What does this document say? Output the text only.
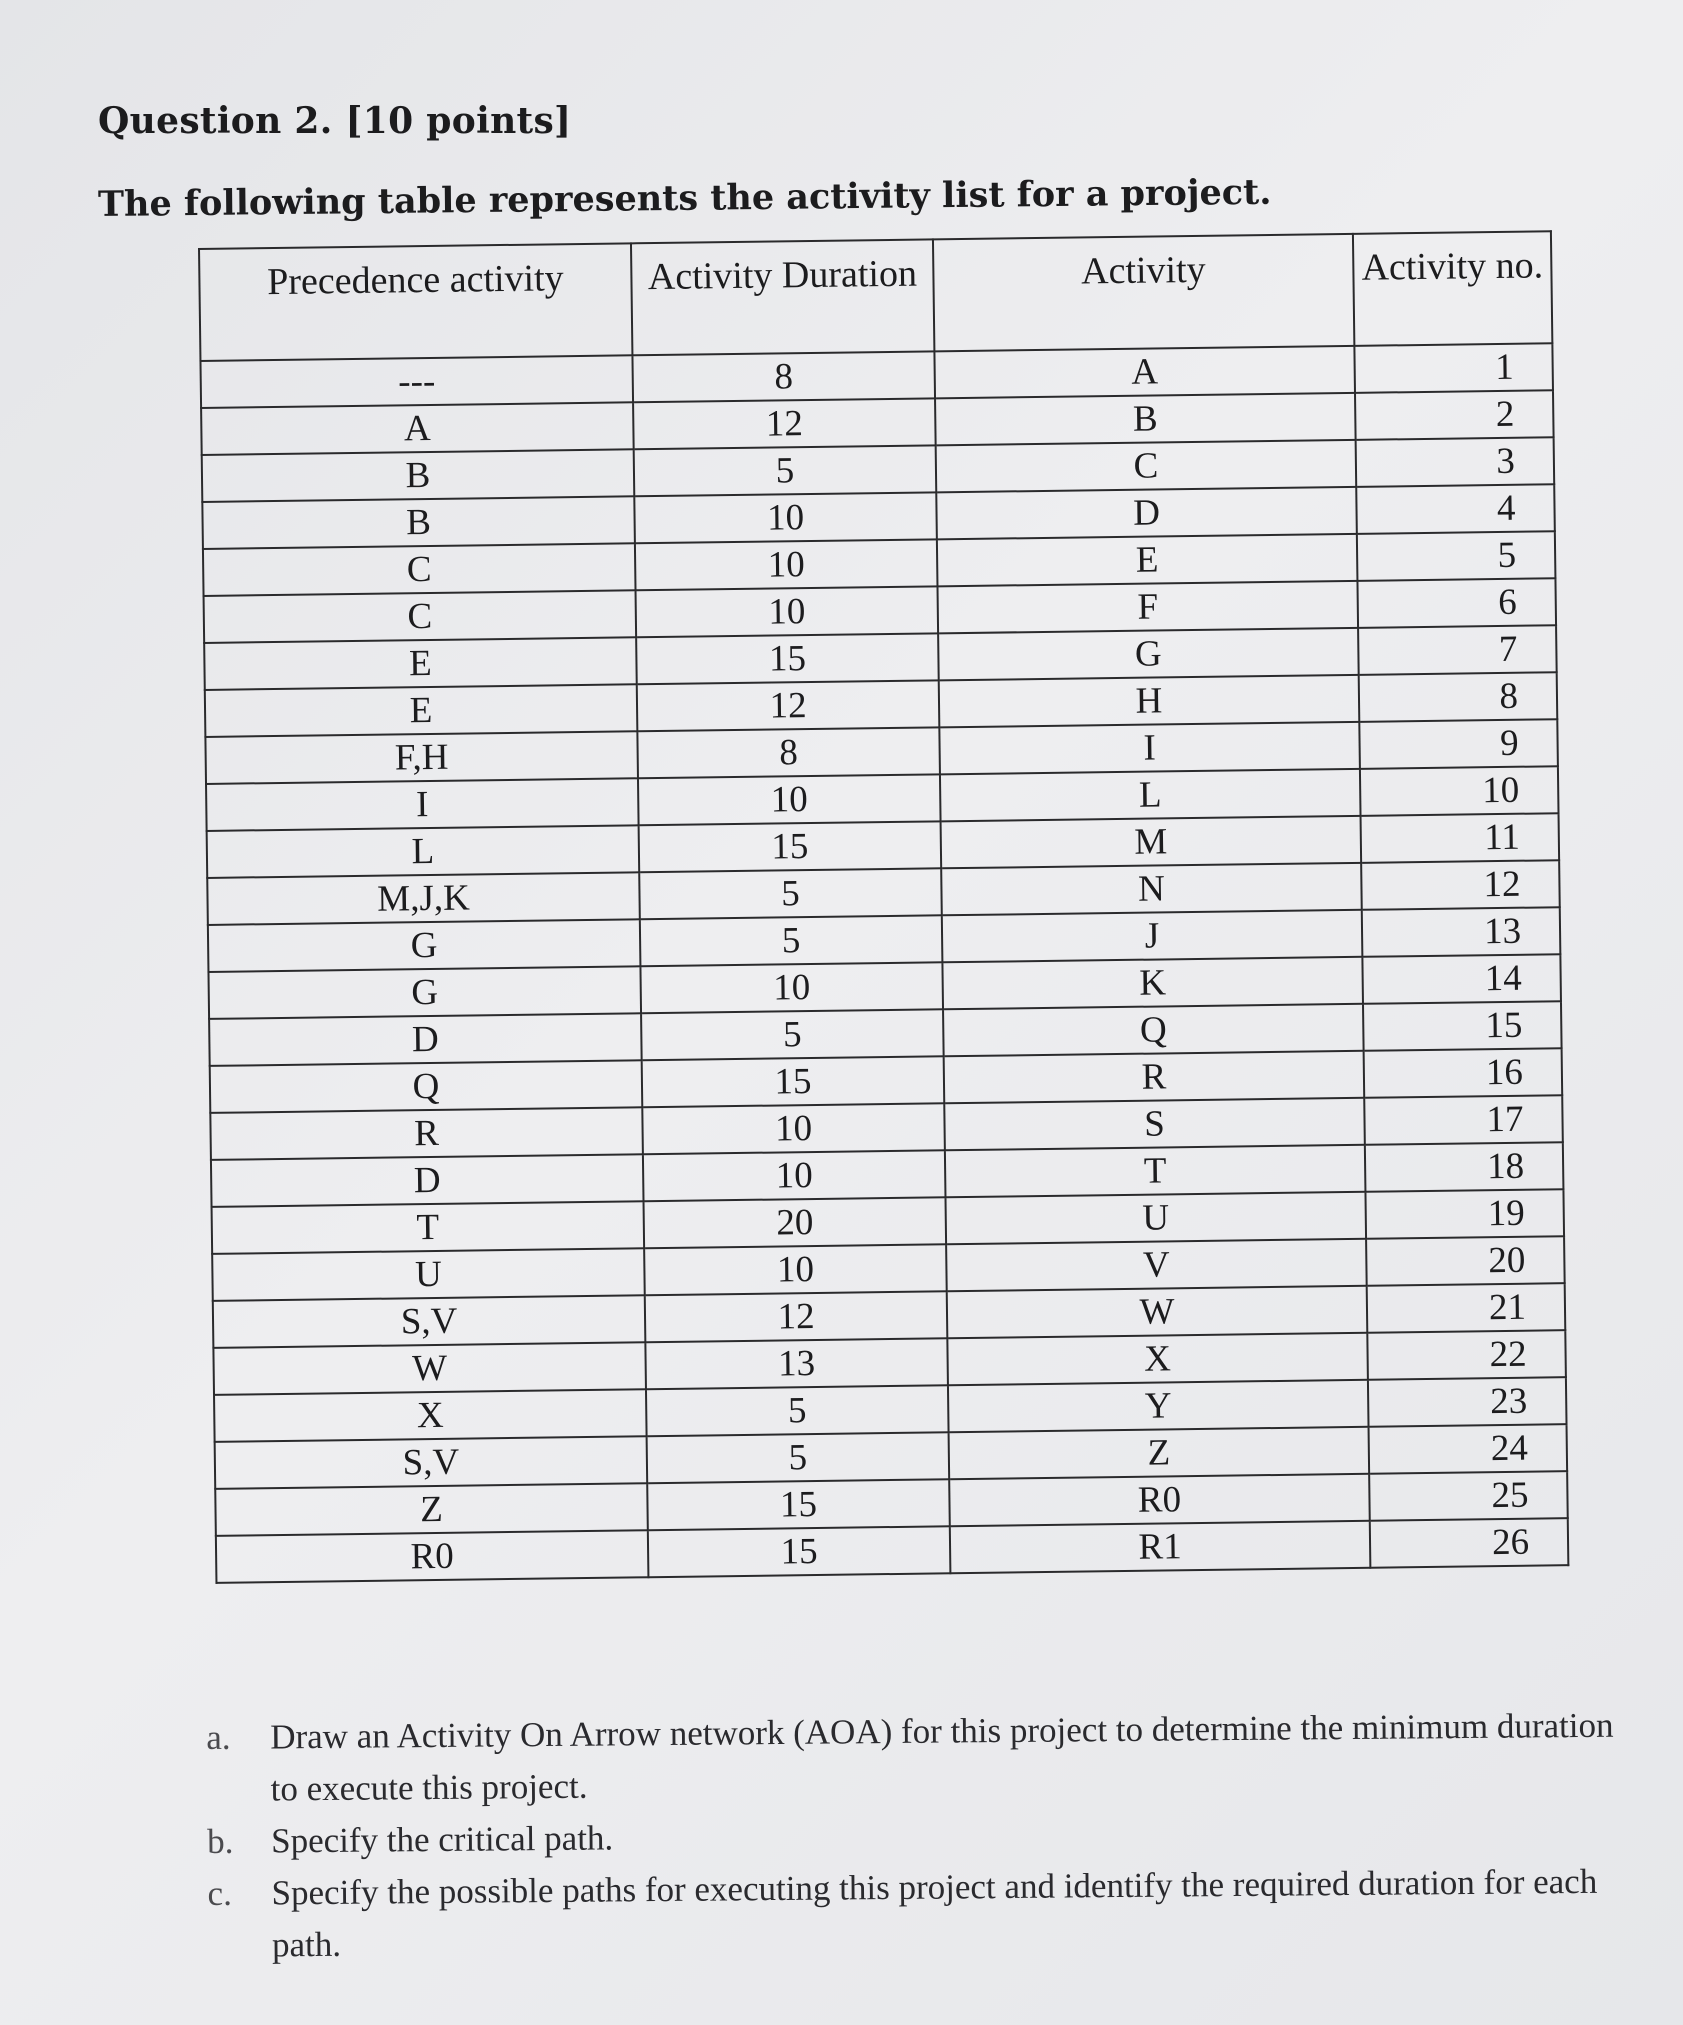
Question 2. [10 points]

The following table represents the activity list for a project.

Precedence activity	Activity Duration	Activity	Activity no.
---	8	A	1
A	12	B	2
B	5	C	3
B	10	D	4
C	10	E	5
C	10	F	6
E	15	G	7
E	12	H	8
F,H	8	I	9
I	10	L	10
L	15	M	11
M,J,K	5	N	12
G	5	J	13
G	10	K	14
D	5	Q	15
Q	15	R	16
R	10	S	17
D	10	T	18
T	20	U	19
U	10	V	20
S,V	12	W	21
W	13	X	22
X	5	Y	23
S,V	5	Z	24
Z	15	R0	25
R0	15	R1	26

a. Draw an Activity On Arrow network (AOA) for this project to determine the minimum duration to execute this project.

b. Specify the critical path.

c. Specify the possible paths for executing this project and identify the required duration for each path.
